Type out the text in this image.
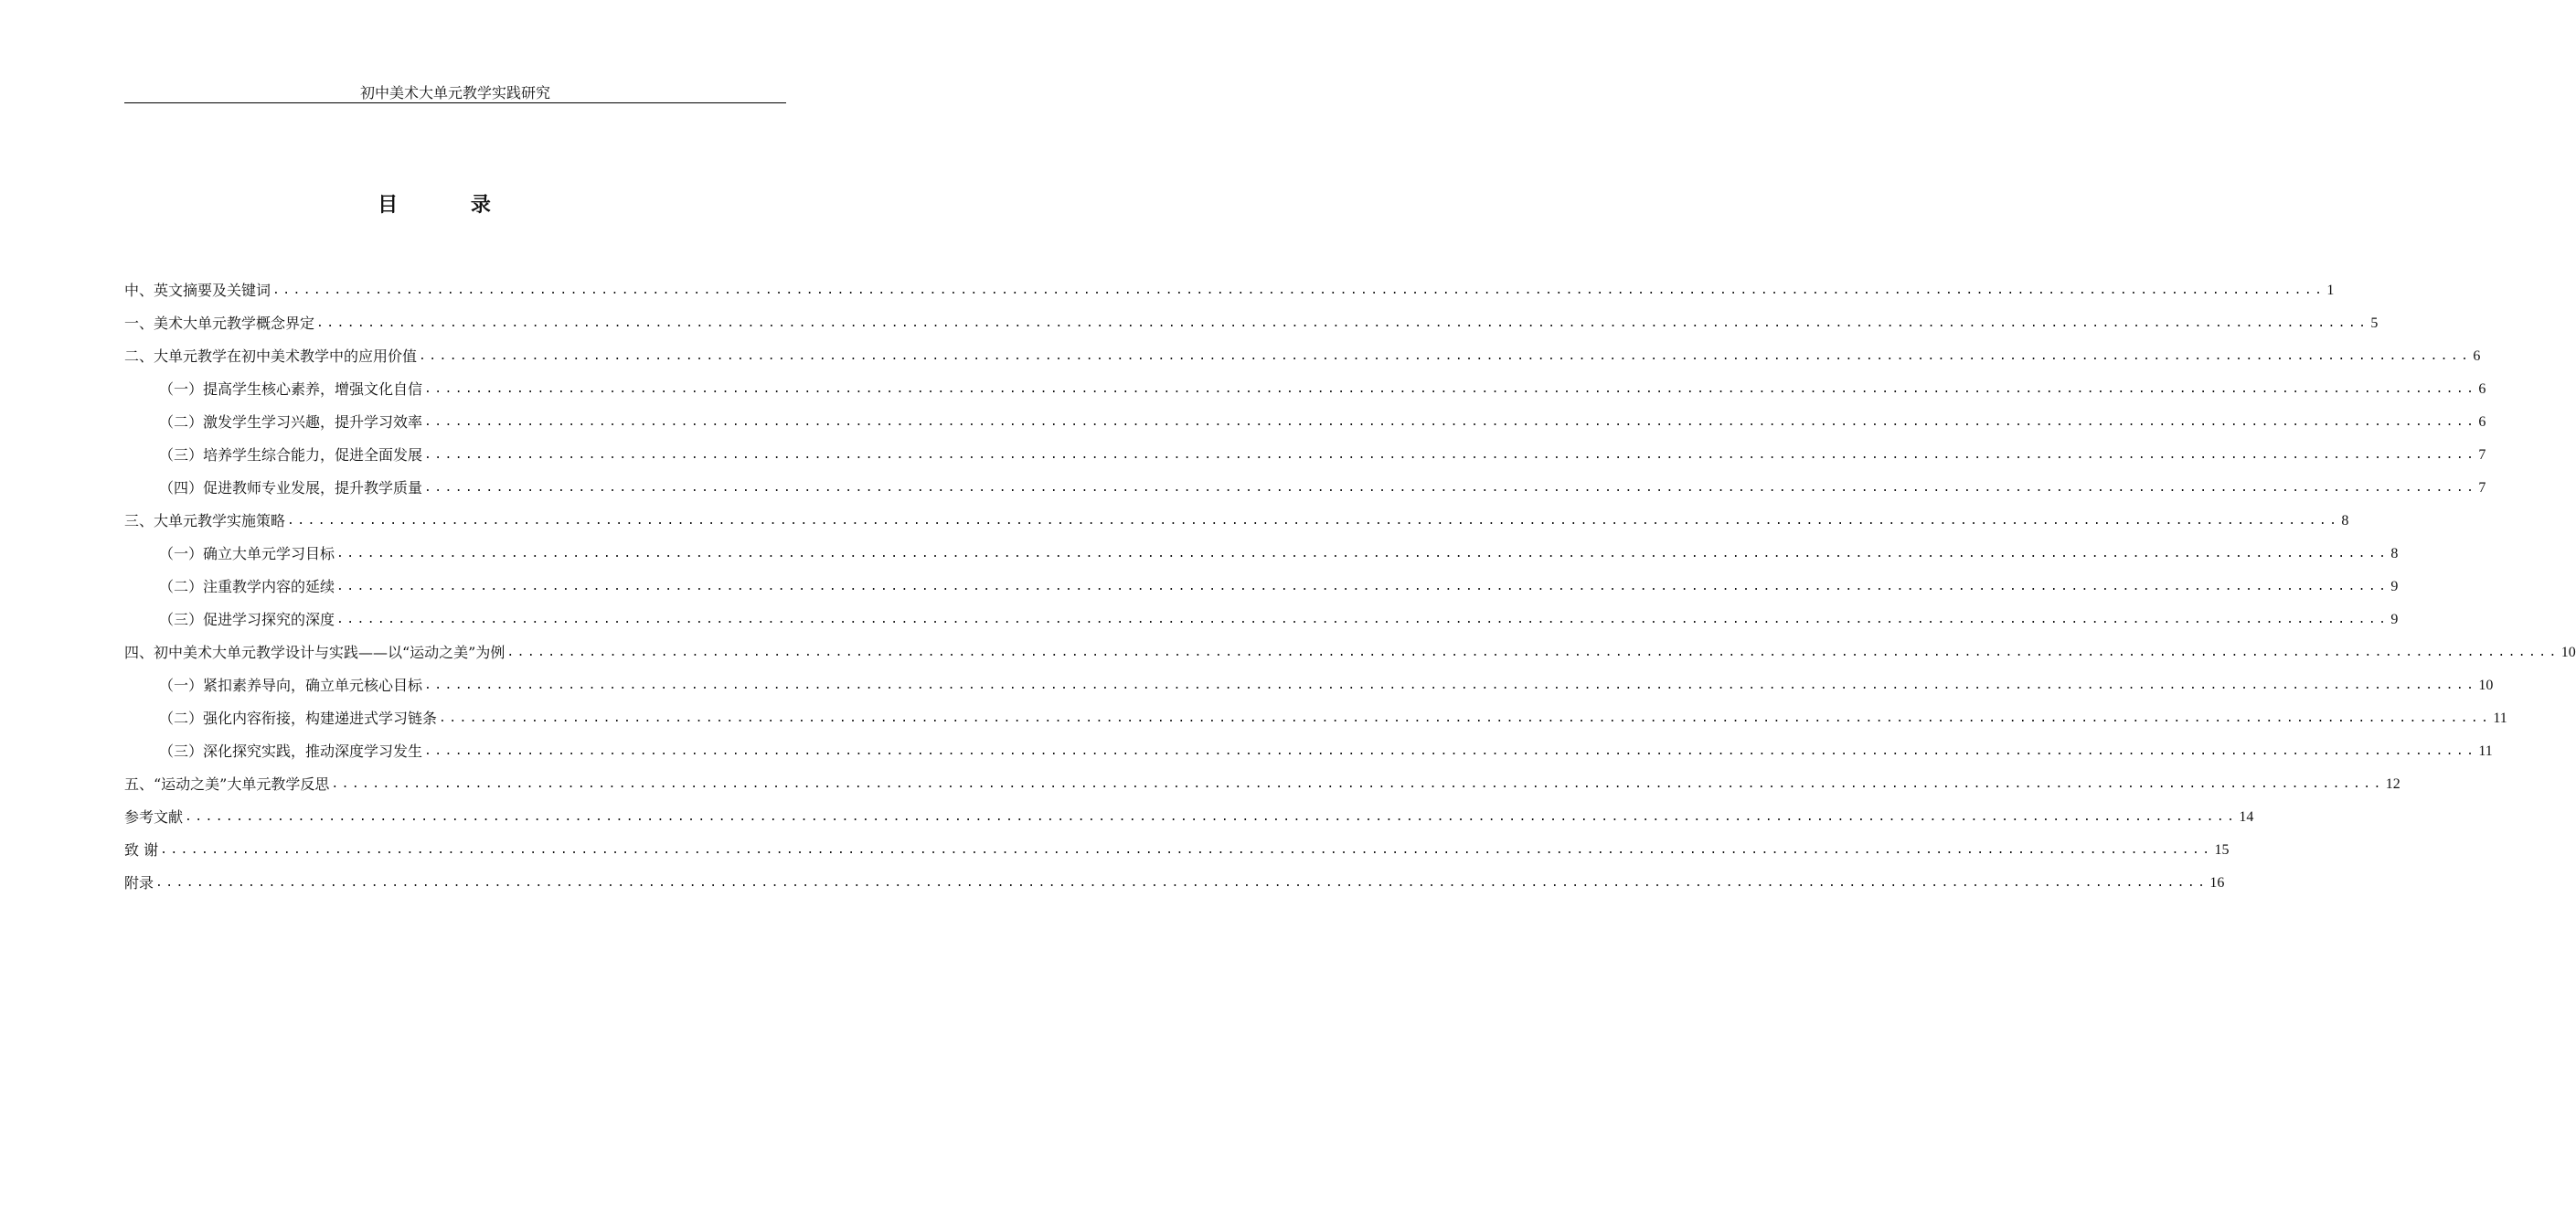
初中美术大单元教学实践研究
目 录
中、英文摘要及关键词 ........................................................................................................................................................................................................ 1
一、美术大单元教学概念界定 ........................................................................................................................................................................................................ 5
二、大单元教学在初中美术教学中的应用价值 ........................................................................................................................................................................................................ 6
（一）提高学生核心素养，增强文化自信 ........................................................................................................................................................................................................ 6
（二）激发学生学习兴趣，提升学习效率 ........................................................................................................................................................................................................ 6
（三）培养学生综合能力，促进全面发展 ........................................................................................................................................................................................................ 7
（四）促进教师专业发展，提升教学质量 ........................................................................................................................................................................................................ 7
三、大单元教学实施策略 ........................................................................................................................................................................................................ 8
（一）确立大单元学习目标 ........................................................................................................................................................................................................ 8
（二）注重教学内容的延续 ........................................................................................................................................................................................................ 9
（三）促进学习探究的深度 ........................................................................................................................................................................................................ 9
四、初中美术大单元教学设计与实践——以“运动之美”为例 ........................................................................................................................................................................................................ 10
（一）紧扣素养导向，确立单元核心目标 ........................................................................................................................................................................................................ 10
（二）强化内容衔接，构建递进式学习链条 ........................................................................................................................................................................................................ 11
（三）深化探究实践，推动深度学习发生 ........................................................................................................................................................................................................ 11
五、“运动之美”大单元教学反思 ........................................................................................................................................................................................................ 12
参考文献 ........................................................................................................................................................................................................ 14
致 谢 ........................................................................................................................................................................................................ 15
附录 ........................................................................................................................................................................................................ 16
